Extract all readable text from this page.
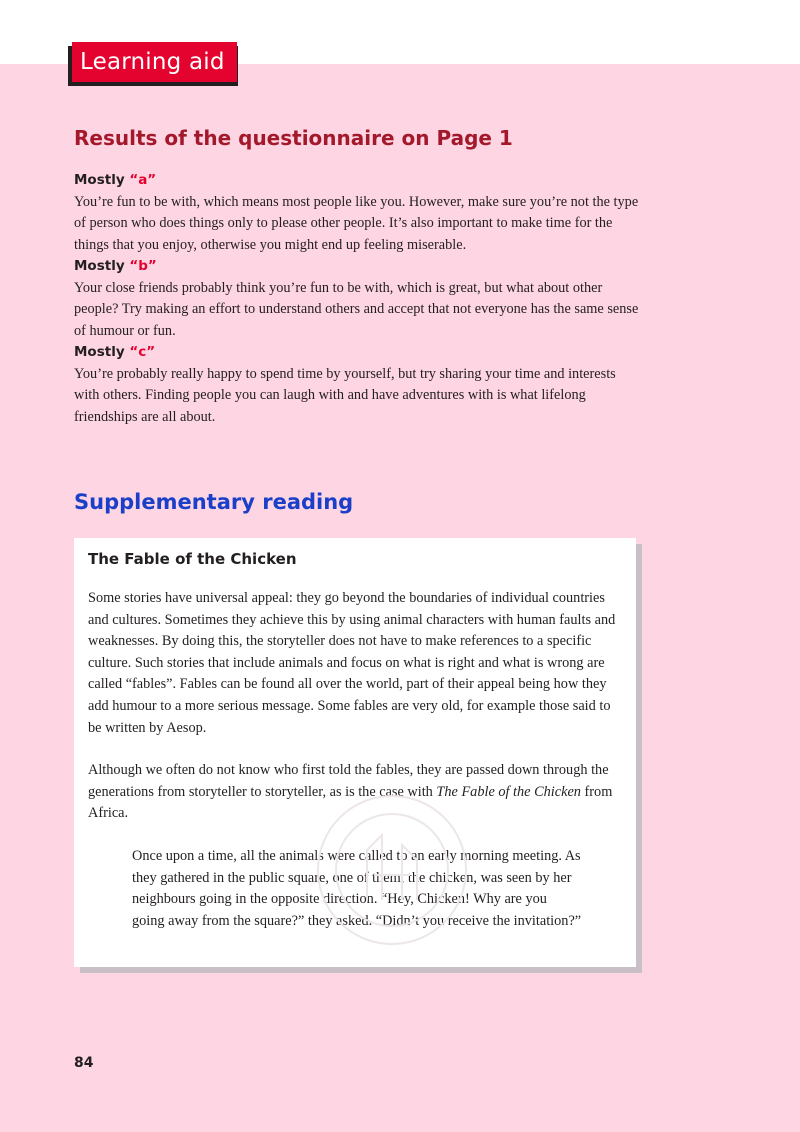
Learning aid
Results of the questionnaire on Page 1
Mostly “a”

You’re fun to be with, which means most people like you. However, make sure you’re not the type of person who does things only to please other people. It’s also important to make time for the things that you enjoy, otherwise you might end up feeling miserable.

Mostly “b”

Your close friends probably think you’re fun to be with, which is great, but what about other people? Try making an effort to understand others and accept that not everyone has the same sense of humour or fun.

Mostly “c”

You’re probably really happy to spend time by yourself, but try sharing your time and interests with others. Finding people you can laugh with and have adventures with is what lifelong friendships are all about.

Supplementary reading
The Fable of the Chicken

Some stories have universal appeal: they go beyond the boundaries of individual countries and cultures. Sometimes they achieve this by using animal characters with human faults and weaknesses. By doing this, the storyteller does not have to make references to a specific culture. Such stories that include animals and focus on what is right and what is wrong are called “fables”. Fables can be found all over the world, part of their appeal being how they add humour to a more serious message. Some fables are very old, for example those said to be written by Aesop.

Although we often do not know who first told the fables, they are passed down through the generations from storyteller to storyteller, as is the case with The Fable of the Chicken from Africa.

Once upon a time, all the animals were called to an early morning meeting. As they gathered in the public square, one of them, the chicken, was seen by her neighbours going in the opposite direction. “Hey, Chicken! Why are you going away from the square?” they asked. “Didn’t you receive the invitation?”
84
